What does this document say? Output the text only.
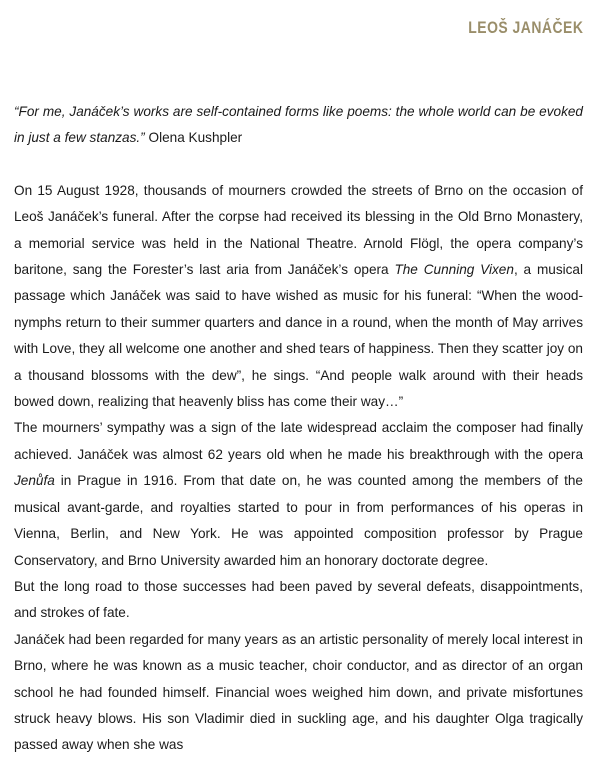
LEOŠ JANÁČEK

“For me, Janáček’s works are self-contained forms like poems: the whole world can be evoked in just a few stanzas.” Olena Kushpler

On 15 August 1928, thousands of mourners crowded the streets of Brno on the occasion of Leoš Janáček’s funeral. After the corpse had received its blessing in the Old Brno Monastery, a memorial service was held in the National Theatre. Arnold Flögl, the opera company’s baritone, sang the Forester’s last aria from Janáček’s opera The Cunning Vixen, a musical passage which Janáček was said to have wished as music for his funeral: “When the wood-nymphs return to their summer quarters and dance in a round, when the month of May arrives with Love, they all welcome one another and shed tears of happiness. Then they scatter joy on a thousand blossoms with the dew”, he sings. “And people walk around with their heads bowed down, realizing that heavenly bliss has come their way…”

The mourners’ sympathy was a sign of the late widespread acclaim the composer had finally achieved. Janáček was almost 62 years old when he made his breakthrough with the opera Jenůfa in Prague in 1916. From that date on, he was counted among the members of the musical avant-garde, and royalties started to pour in from performances of his operas in Vienna, Berlin, and New York. He was appointed composition professor by Prague Conservatory, and Brno University awarded him an honorary doctorate degree.

But the long road to those successes had been paved by several defeats, disappointments, and strokes of fate.

Janáček had been regarded for many years as an artistic personality of merely local interest in Brno, where he was known as a music teacher, choir conductor, and as director of an organ school he had founded himself. Financial woes weighed him down, and private misfortunes struck heavy blows. His son Vladimir died in suckling age, and his daughter Olga tragically passed away when she was
